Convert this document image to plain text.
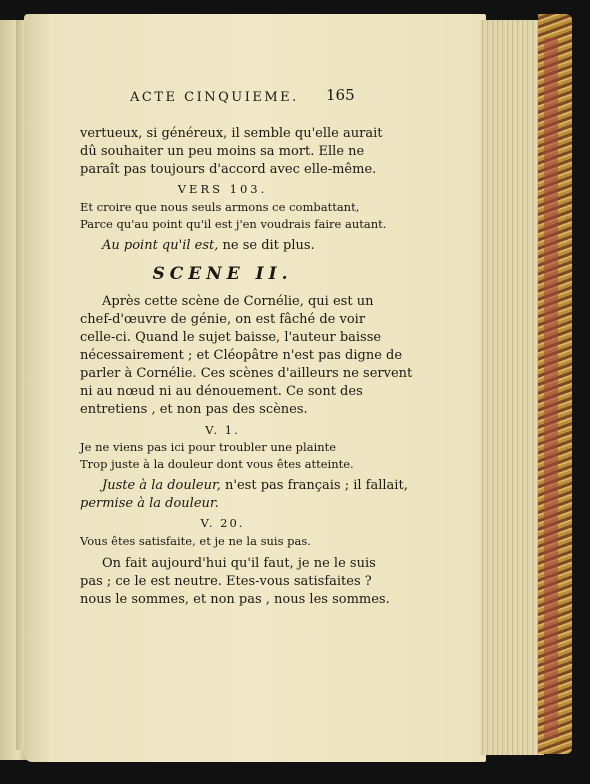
ACTE CINQUIEME. 165
vertueux, si généreux, il semble qu'elle aurait
dû souhaiter un peu moins sa mort. Elle ne
paraît pas toujours d'accord avec elle-même.
VERS 103.
Et croire que nous seuls armons ce combattant,
Parce qu'au point qu'il est j'en voudrais faire autant.
Au point qu'il est, ne se dit plus.
SCENE II.
Après cette scène de Cornélie, qui est un
chef-d'œuvre de génie, on est fâché de voir
celle-ci. Quand le sujet baisse, l'auteur baisse
nécessairement ; et Cléopâtre n'est pas digne de
parler à Cornélie. Ces scènes d'ailleurs ne servent
ni au nœud ni au dénouement. Ce sont des
entretiens , et non pas des scènes.
V. 1.
Je ne viens pas ici pour troubler une plainte
Trop juste à la douleur dont vous êtes atteinte.
Juste à la douleur, n'est pas français ; il fallait,
permise à la douleur.
V. 20.
Vous êtes satisfaite, et je ne la suis pas.
On fait aujourd'hui qu'il faut, je ne le suis
pas ; ce le est neutre. Etes-vous satisfaites ?
nous le sommes, et non pas , nous les sommes.
